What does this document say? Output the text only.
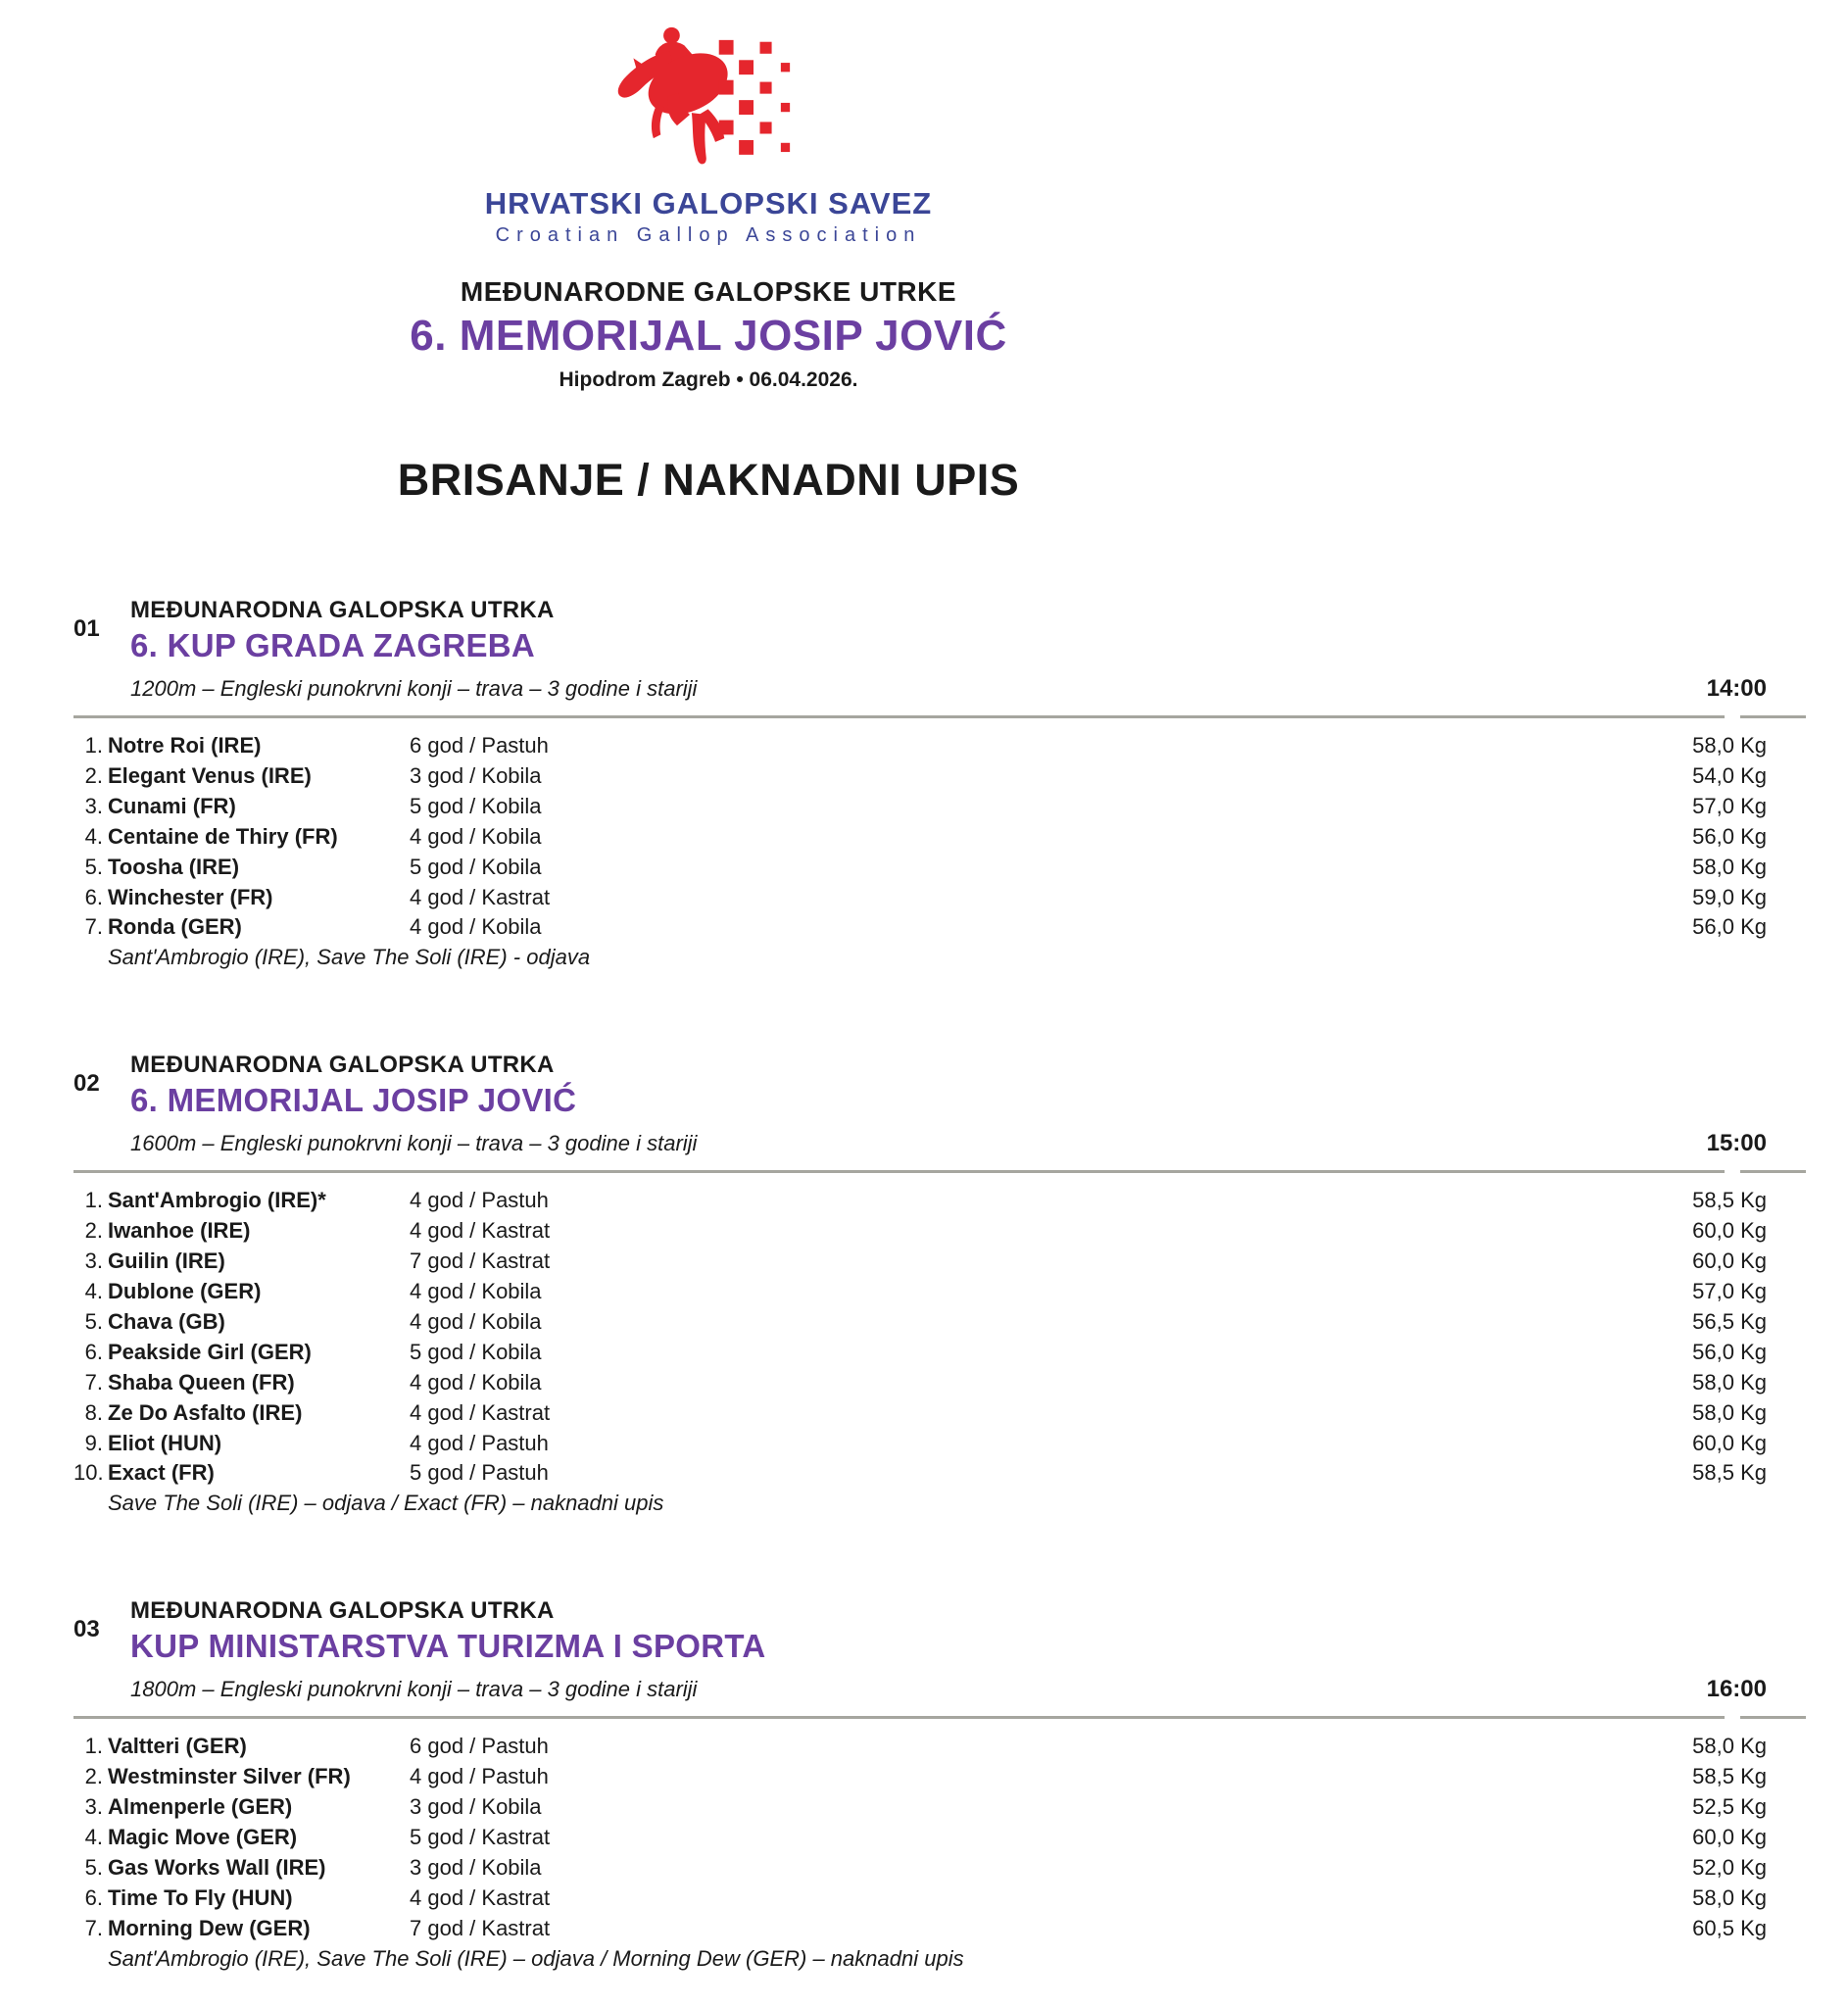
HRVATSKI GALOPSKI SAVEZ
Croatian Gallop Association
MEĐUNARODNE GALOPSKE UTRKE
6. MEMORIJAL JOSIP JOVIĆ
Hipodrom Zagreb • 06.04.2026.
BRISANJE / NAKNADNI UPIS
01
MEĐUNARODNA GALOPSKA UTRKA
6. KUP GRADA ZAGREBA
1200m – Engleski punokrvni konji – trava – 3 godine i stariji	14:00
1. Notre Roi (IRE)	6 god / Pastuh	58,0 Kg
2. Elegant Venus (IRE)	3 god / Kobila	54,0 Kg
3. Cunami (FR)	5 god / Kobila	57,0 Kg
4. Centaine de Thiry (FR)	4 god / Kobila	56,0 Kg
5. Toosha (IRE)	5 god / Kobila	58,0 Kg
6. Winchester (FR)	4 god / Kastrat	59,0 Kg
7. Ronda (GER)	4 god / Kobila	56,0 Kg
Sant'Ambrogio (IRE), Save The Soli (IRE) - odjava
02
MEĐUNARODNA GALOPSKA UTRKA
6. MEMORIJAL JOSIP JOVIĆ
1600m – Engleski punokrvni konji – trava – 3 godine i stariji	15:00
1. Sant'Ambrogio (IRE)*	4 god / Pastuh	58,5 Kg
2. Iwanhoe (IRE)	4 god / Kastrat	60,0 Kg
3. Guilin (IRE)	7 god / Kastrat	60,0 Kg
4. Dublone (GER)	4 god / Kobila	57,0 Kg
5. Chava (GB)	4 god / Kobila	56,5 Kg
6. Peakside Girl (GER)	5 god / Kobila	56,0 Kg
7. Shaba Queen (FR)	4 god / Kobila	58,0 Kg
8. Ze Do Asfalto (IRE)	4 god / Kastrat	58,0 Kg
9. Eliot (HUN)	4 god / Pastuh	60,0 Kg
10. Exact (FR)	5 god / Pastuh	58,5 Kg
Save The Soli (IRE) – odjava / Exact (FR) – naknadni upis
03
MEĐUNARODNA GALOPSKA UTRKA
KUP MINISTARSTVA TURIZMA I SPORTA
1800m – Engleski punokrvni konji – trava – 3 godine i stariji	16:00
1. Valtteri (GER)	6 god / Pastuh	58,0 Kg
2. Westminster Silver (FR)	4 god / Pastuh	58,5 Kg
3. Almenperle (GER)	3 god / Kobila	52,5 Kg
4. Magic Move (GER)	5 god / Kastrat	60,0 Kg
5. Gas Works Wall (IRE)	3 god / Kobila	52,0 Kg
6. Time To Fly (HUN)	4 god / Kastrat	58,0 Kg
7. Morning Dew (GER)	7 god / Kastrat	60,5 Kg
Sant'Ambrogio (IRE), Save The Soli (IRE) – odjava / Morning Dew (GER) – naknadni upis
